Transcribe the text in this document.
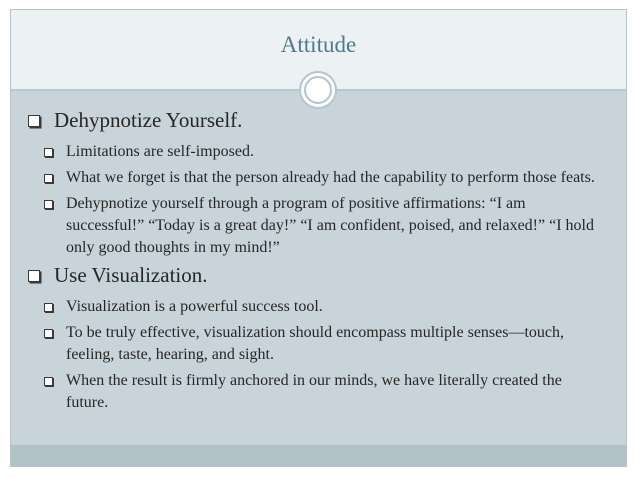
Attitude
Dehypnotize Yourself.
Limitations are self-imposed.
What we forget is that the person already had the capability to perform those feats.
Dehypnotize yourself through a program of positive affirmations: “I am successful!” “Today is a great day!” “I am confident, poised, and relaxed!” “I hold only good thoughts in my mind!”
Use Visualization.
Visualization is a powerful success tool.
To be truly effective, visualization should encompass multiple senses—touch, feeling, taste, hearing, and sight.
When the result is firmly anchored in our minds, we have literally created the future.
